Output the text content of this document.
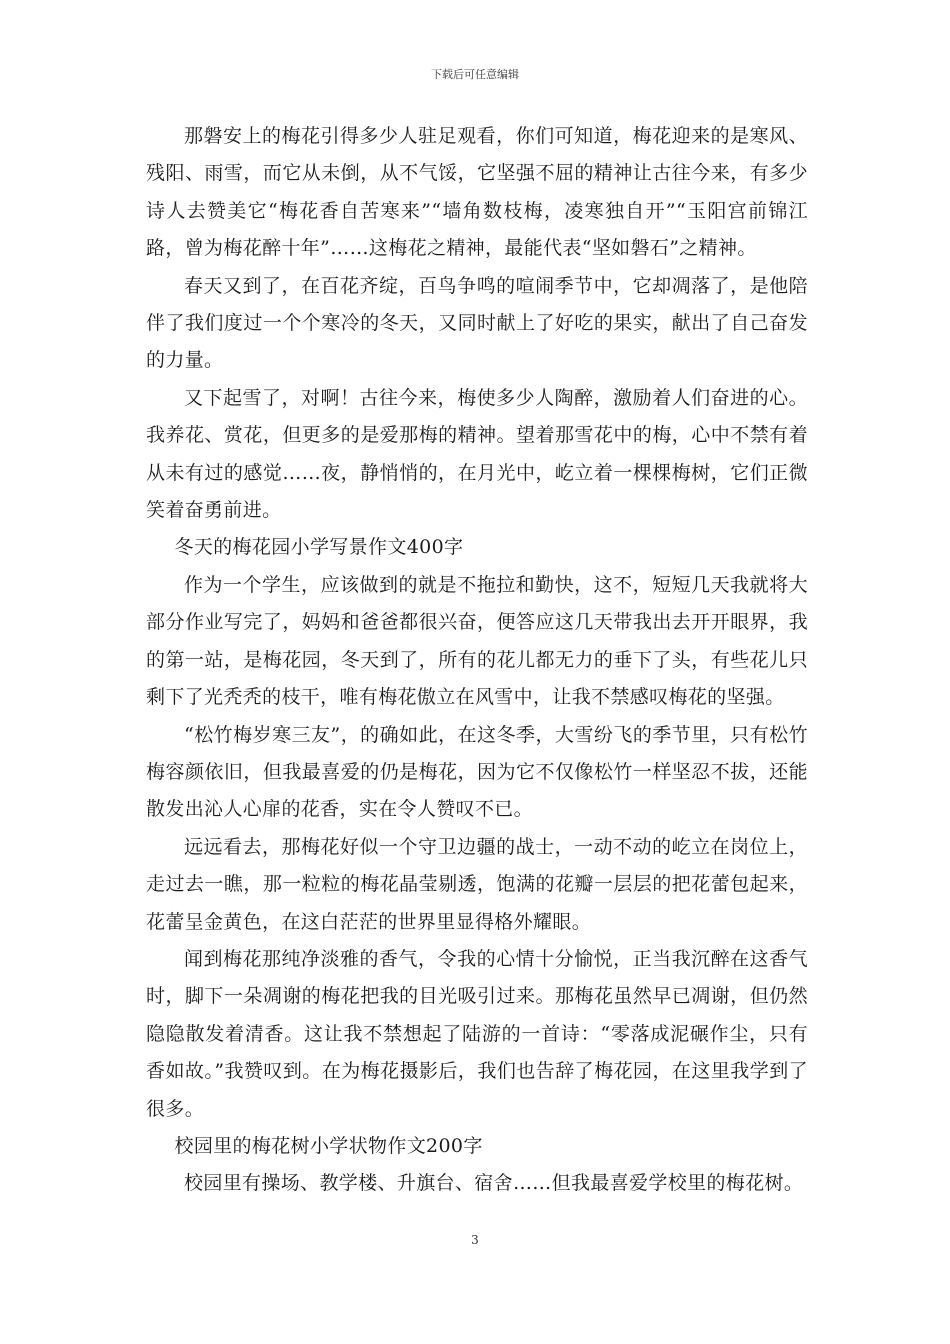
下载后可任意编辑

那磐安上的梅花引得多少人驻足观看，你们可知道，梅花迎来的是寒风、残阳、雨雪，而它从未倒，从不气馁，它坚强不屈的精神让古往今来，有多少诗人去赞美它“梅花香自苦寒来”“墙角数枝梅，凌寒独自开”“玉阳宫前锦江路，曾为梅花醉十年”……这梅花之精神，最能代表“坚如磐石”之精神。

春天又到了，在百花齐绽，百鸟争鸣的喧闹季节中，它却凋落了，是他陪伴了我们度过一个个寒冷的冬天，又同时献上了好吃的果实，献出了自己奋发的力量。

又下起雪了，对啊！古往今来，梅使多少人陶醉，激励着人们奋进的心。我养花、赏花，但更多的是爱那梅的精神。望着那雪花中的梅，心中不禁有着从未有过的感觉……夜，静悄悄的，在月光中，屹立着一棵棵梅树，它们正微笑着奋勇前进。

冬天的梅花园小学写景作文400字

作为一个学生，应该做到的就是不拖拉和勤快，这不，短短几天我就将大部分作业写完了，妈妈和爸爸都很兴奋，便答应这几天带我出去开开眼界，我的第一站，是梅花园，冬天到了，所有的花儿都无力的垂下了头，有些花儿只剩下了光秃秃的枝干，唯有梅花傲立在风雪中，让我不禁感叹梅花的坚强。

“松竹梅岁寒三友”，的确如此，在这冬季，大雪纷飞的季节里，只有松竹梅容颜依旧，但我最喜爱的仍是梅花，因为它不仅像松竹一样坚忍不拔，还能散发出沁人心扉的花香，实在令人赞叹不已。

远远看去，那梅花好似一个守卫边疆的战士，一动不动的屹立在岗位上，走过去一瞧，那一粒粒的梅花晶莹剔透，饱满的花瓣一层层的把花蕾包起来，花蕾呈金黄色，在这白茫茫的世界里显得格外耀眼。

闻到梅花那纯净淡雅的香气，令我的心情十分愉悦，正当我沉醉在这香气时，脚下一朵凋谢的梅花把我的目光吸引过来。那梅花虽然早已凋谢，但仍然隐隐散发着清香。这让我不禁想起了陆游的一首诗：“零落成泥碾作尘，只有香如故。”我赞叹到。在为梅花摄影后，我们也告辞了梅花园，在这里我学到了很多。

校园里的梅花树小学状物作文200字

校园里有操场、教学楼、升旗台、宿舍……但我最喜爱学校里的梅花树。

3
